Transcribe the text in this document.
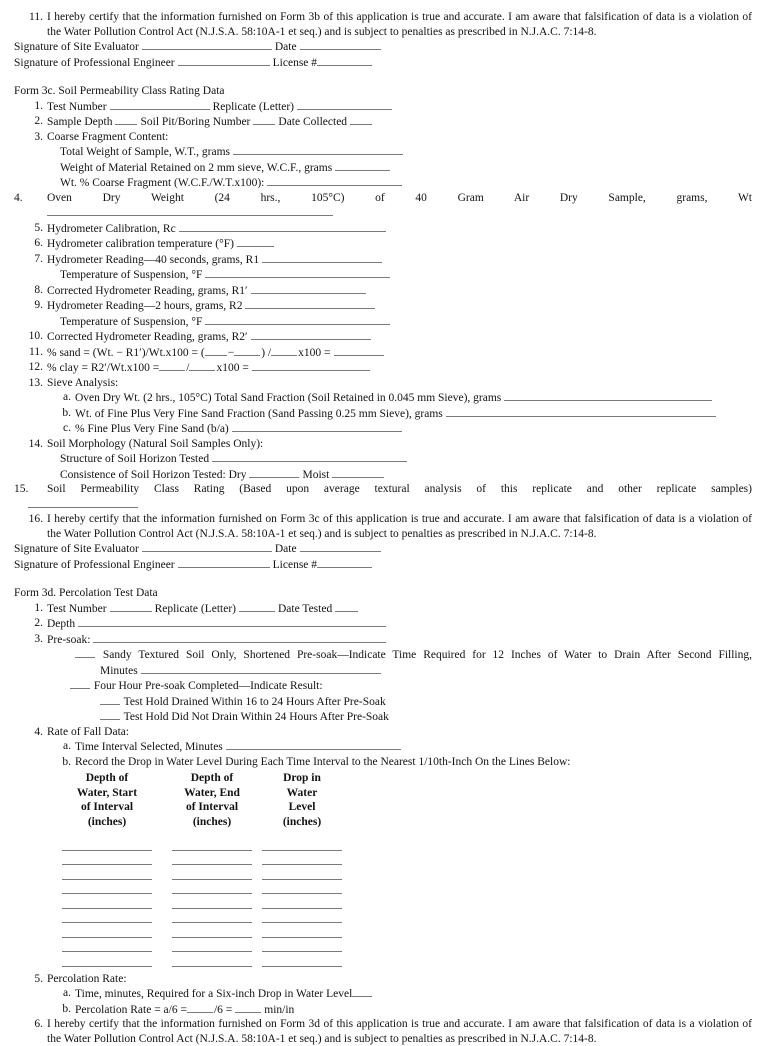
11. I hereby certify that the information furnished on Form 3b of this application is true and accurate. I am aware that falsification of data is a violation of the Water Pollution Control Act (N.J.S.A. 58:10A-1 et seq.) and is subject to penalties as prescribed in N.J.A.C. 7:14-8.
Signature of Site Evaluator	Date
Signature of Professional Engineer	License #
Form 3c. Soil Permeability Class Rating Data
1. Test Number	Replicate (Letter)
2. Sample Depth Soil Pit/Boring Number Date Collected
3. Coarse Fragment Content:
Total Weight of Sample, W.T., grams
Weight of Material Retained on 2 mm sieve, W.C.F., grams
Wt. % Coarse Fragment (W.C.F./W.T.x100):
4.	Oven Dry Weight (24 hrs., 105°C) of 40 Gram Air Dry Sample, grams, Wt
5. Hydrometer Calibration, Rc
6. Hydrometer calibration temperature (°F)
7. Hydrometer Reading—40 seconds, grams, R1
Temperature of Suspension, °F
8. Corrected Hydrometer Reading, grams, R1′
9. Hydrometer Reading—2 hours, grams, R2
Temperature of Suspension, °F
10. Corrected Hydrometer Reading, grams, R2′
11. % sand = (Wt. − R1′)/Wt.x100 = ( − ) / x100 =
12. % clay = R2′/Wt.x100 = / x100 =
13. Sieve Analysis:
a. Oven Dry Wt. (2 hrs., 105°C) Total Sand Fraction (Soil Retained in 0.045 mm Sieve), grams
b. Wt. of Fine Plus Very Fine Sand Fraction (Sand Passing 0.25 mm Sieve), grams
c. % Fine Plus Very Fine Sand (b/a)
14. Soil Morphology (Natural Soil Samples Only):
Structure of Soil Horizon Tested
Consistence of Soil Horizon Tested: Dry	Moist
15.	Soil Permeability Class Rating (Based upon average textural analysis of this replicate and other replicate samples)
16. I hereby certify that the information furnished on Form 3c of this application is true and accurate. I am aware that falsification of data is a violation of the Water Pollution Control Act (N.J.S.A. 58:10A-1 et seq.) and is subject to penalties as prescribed in N.J.A.C. 7:14-8.
Signature of Site Evaluator	Date
Signature of Professional Engineer	License #
Form 3d. Percolation Test Data
1. Test Number	Replicate (Letter)	Date Tested
2. Depth
3. Pre-soak:
Sandy Textured Soil Only, Shortened Pre-soak—Indicate Time Required for 12 Inches of Water to Drain After Second Filling,
Minutes
Four Hour Pre-soak Completed—Indicate Result:
Test Hold Drained Within 16 to 24 Hours After Pre-Soak
Test Hold Did Not Drain Within 24 Hours After Pre-Soak
4. Rate of Fall Data:
a. Time Interval Selected, Minutes
b. Record the Drop in Water Level During Each Time Interval to the Nearest 1/10th-Inch On the Lines Below:
Depth of
Water, Start
of Interval
(inches)
Depth of
Water, End
of Interval
(inches)
Drop in
Water
Level
(inches)
5. Percolation Rate:
a. Time, minutes, Required for a Six-inch Drop in Water Level
b. Percolation Rate = a/6 = /6 =	min/in
6. I hereby certify that the information furnished on Form 3d of this application is true and accurate. I am aware that falsification of data is a violation of the Water Pollution Control Act (N.J.S.A. 58:10A-1 et seq.) and is subject to penalties as prescribed in N.J.A.C. 7:14-8.
